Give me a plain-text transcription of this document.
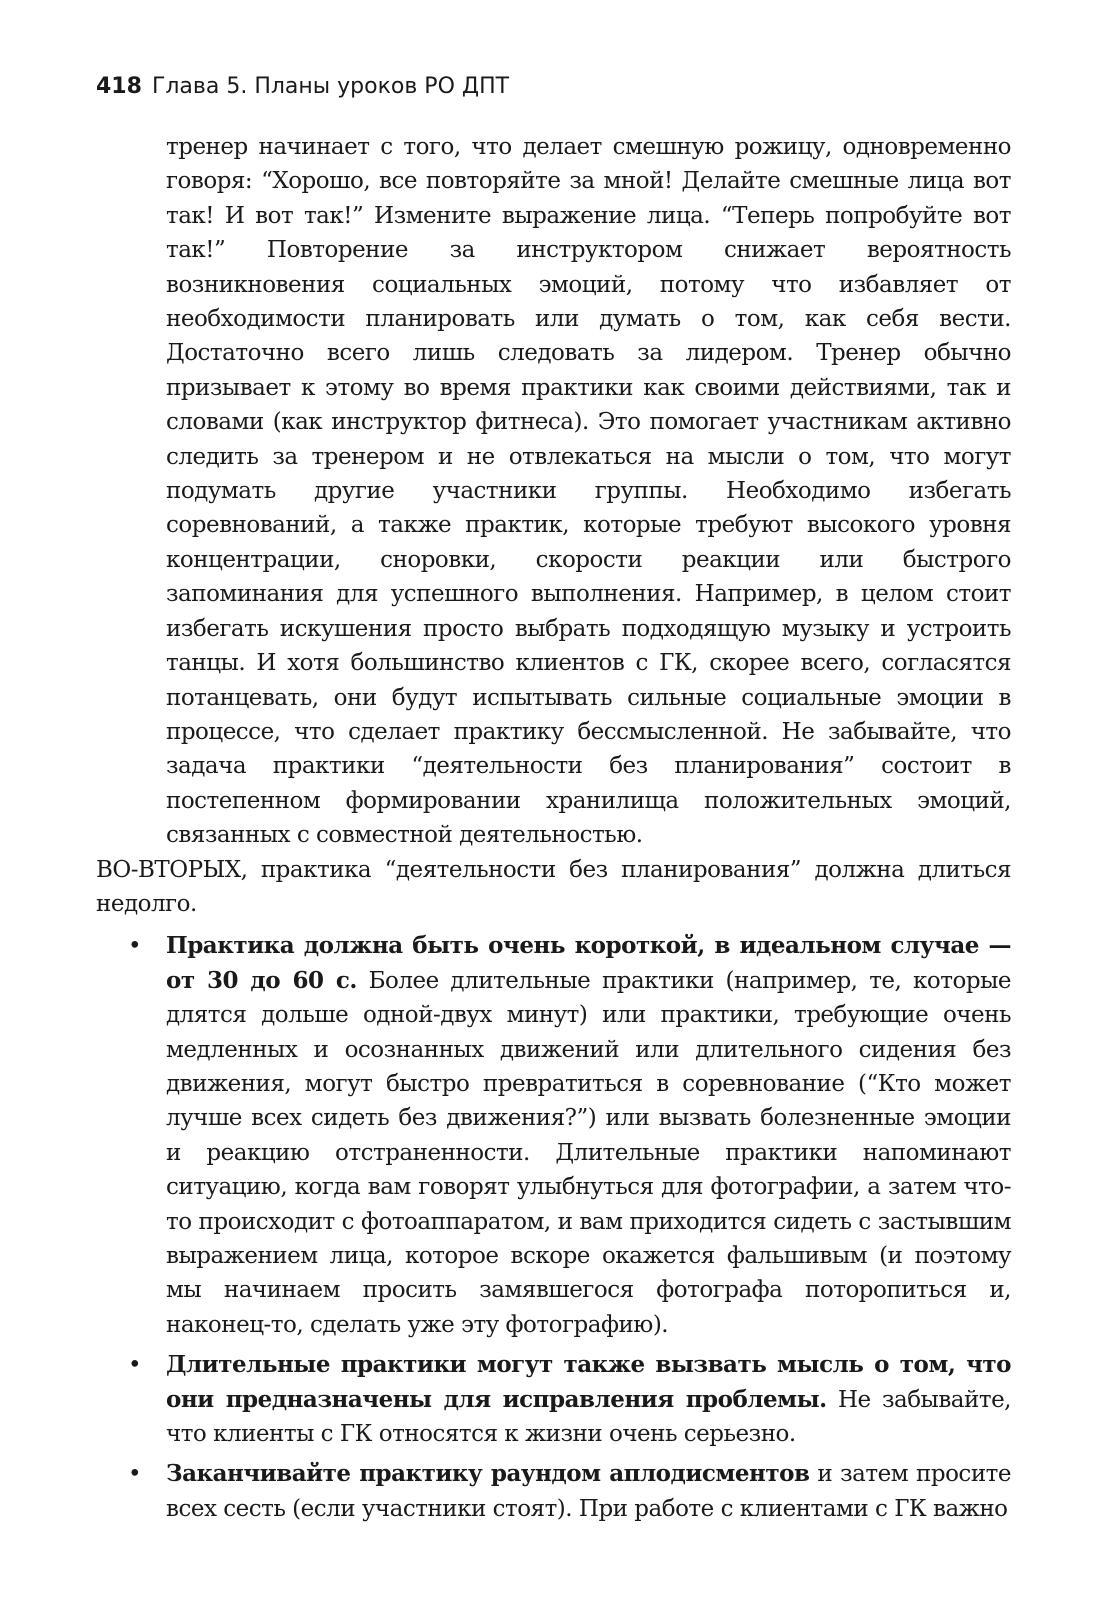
418 Глава 5. Планы уроков РО ДПТ

тренер начинает с того, что делает смешную рожицу, одновременно говоря: “Хорошо, все повторяйте за мной! Делайте смешные лица вот так! И вот так!” Измените выражение лица. “Теперь попробуйте вот так!” Повторение за инструктором снижает вероятность возникновения социальных эмоций, потому что избавляет от необходимости планировать или думать о том, как себя вести. Достаточно всего лишь следовать за лидером. Тренер обычно призывает к этому во время практики как своими действиями, так и словами (как инструктор фитнеса). Это помогает участникам активно следить за тренером и не отвлекаться на мысли о том, что могут подумать другие участники группы. Необходимо избегать соревнований, а также практик, которые требуют высокого уровня концентрации, сноровки, скорости реакции или быстрого запоминания для успешного выполнения. Например, в целом стоит избегать искушения просто выбрать подходящую музыку и устроить танцы. И хотя большинство клиентов с ГК, скорее всего, согласятся потанцевать, они будут испытывать сильные социальные эмоции в процессе, что сделает практику бессмысленной. Не забывайте, что задача практики “деятельности без планирования” состоит в постепенном формировании хранилища положительных эмоций, связанных с совместной деятельностью.

ВО-ВТОРЫХ, практика “деятельности без планирования” должна длиться недолго.

• Практика должна быть очень короткой, в идеальном случае — от 30 до 60 с. Более длительные практики (например, те, которые длятся дольше одной-двух минут) или практики, требующие очень медленных и осознанных движений или длительного сидения без движения, могут быстро превратиться в соревнование (“Кто может лучше всех сидеть без движения?”) или вызвать болезненные эмоции и реакцию отстраненности. Длительные практики напоминают ситуацию, когда вам говорят улыбнуться для фотографии, а затем что-то происходит с фотоаппаратом, и вам приходится сидеть с застывшим выражением лица, которое вскоре окажется фальшивым (и поэтому мы начинаем просить замявшегося фотографа поторопиться и, наконец-то, сделать уже эту фотографию).
• Длительные практики могут также вызвать мысль о том, что они предназначены для исправления проблемы. Не забывайте, что клиенты с ГК относятся к жизни очень серьезно.
• Заканчивайте практику раундом аплодисментов и затем просите всех сесть (если участники стоят). При работе с клиентами с ГК важно
